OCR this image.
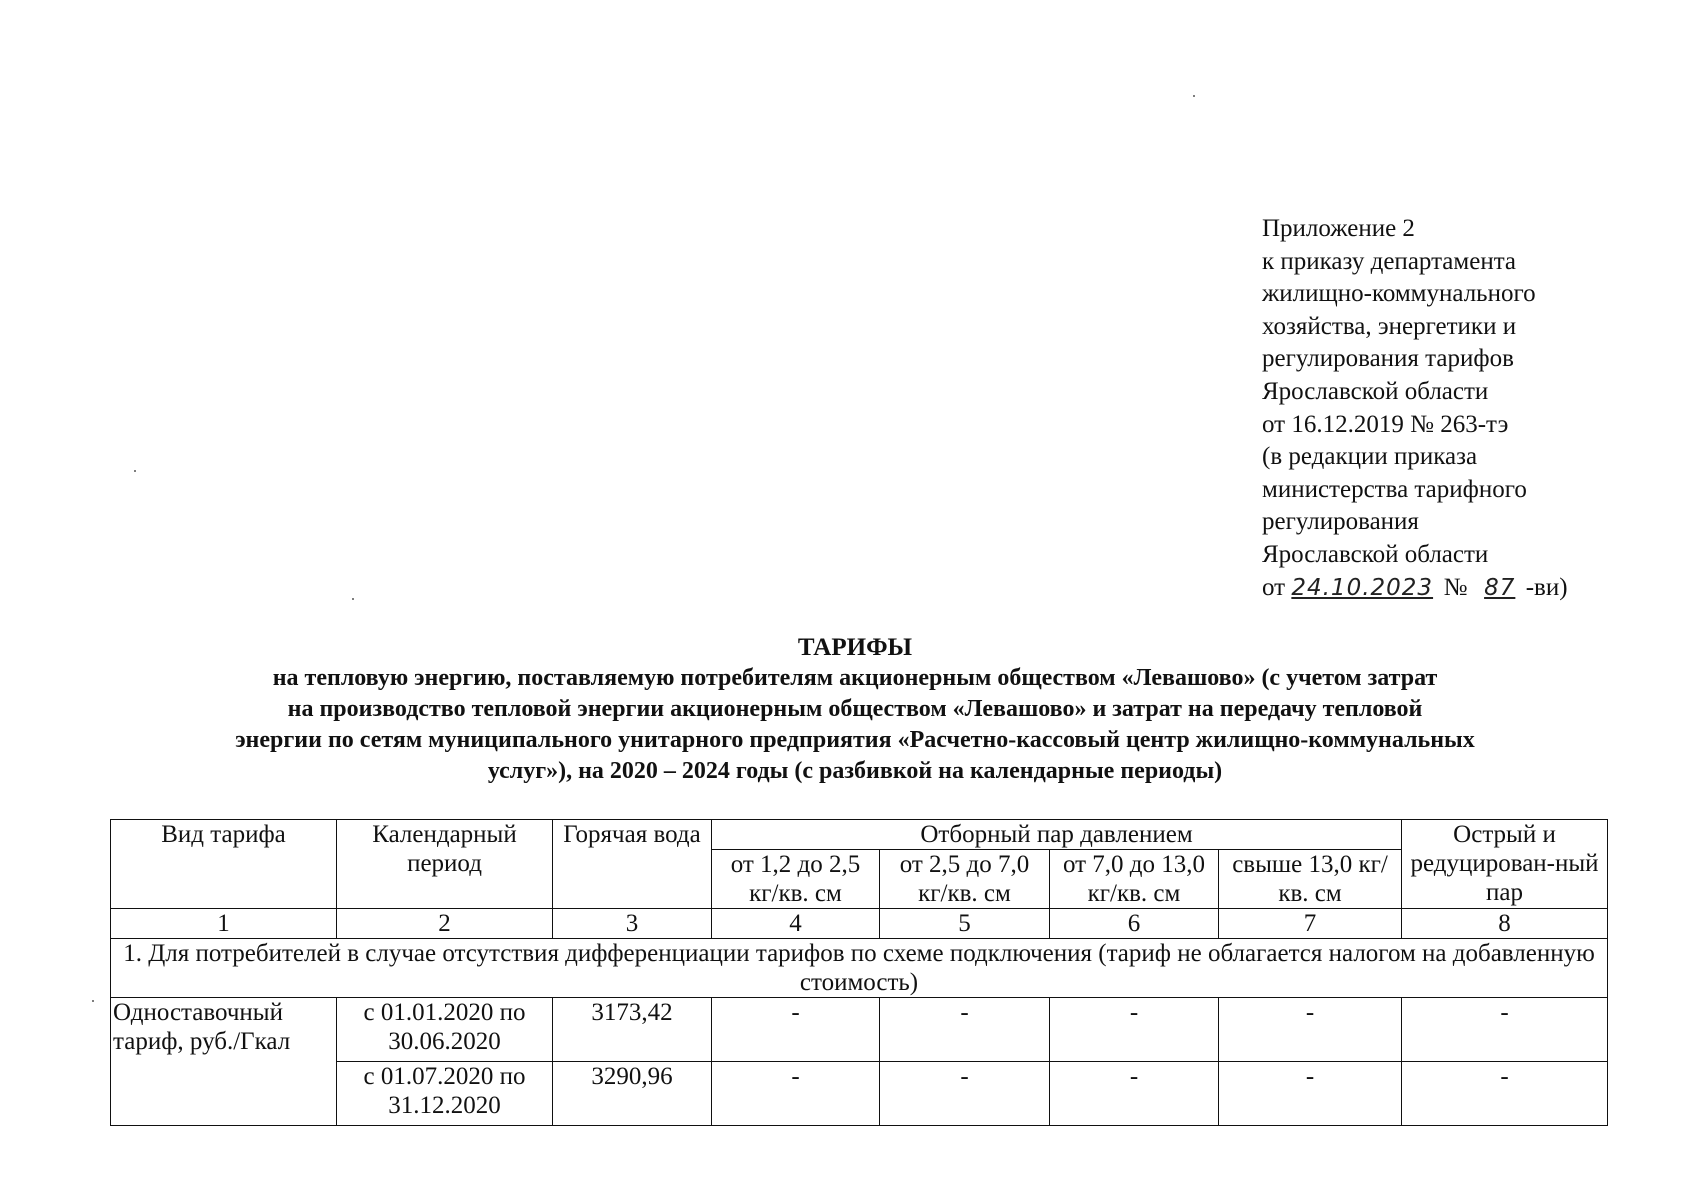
Приложение 2
к приказу департамента
жилищно-коммунального
хозяйства, энергетики и
регулирования тарифов
Ярославской области
от 16.12.2019 № 263-тэ
(в редакции приказа
министерства тарифного
регулирования
Ярославской области
от 24.10.2023 № 87 -ви)
ТАРИФЫ
на тепловую энергию, поставляемую потребителям акционерным обществом «Левашово» (с учетом затрат
на производство тепловой энергии акционерным обществом «Левашово» и затрат на передачу тепловой
энергии по сетям муниципального унитарного предприятия «Расчетно-кассовый центр жилищно-коммунальных
услуг»), на 2020 – 2024 годы (с разбивкой на календарные периоды)
Вид тарифа	Календарный период	Горячая вода	Отборный пар давлением				Острый и редуцирован-ный пар
			от 1,2 до 2,5 кг/кв. см	от 2,5 до 7,0 кг/кв. см	от 7,0 до 13,0 кг/кв. см	свыше 13,0 кг/кв. см	
1	2	3	4	5	6	7	8
1. Для потребителей в случае отсутствия дифференциации тарифов по схеме подключения (тариф не облагается налогом на добавленную стоимость)							
Одноставочный тариф, руб./Гкал	с 01.01.2020 по 30.06.2020	3173,42	-	-	-	-	-
	с 01.07.2020 по 31.12.2020	3290,96	-	-	-	-	-
